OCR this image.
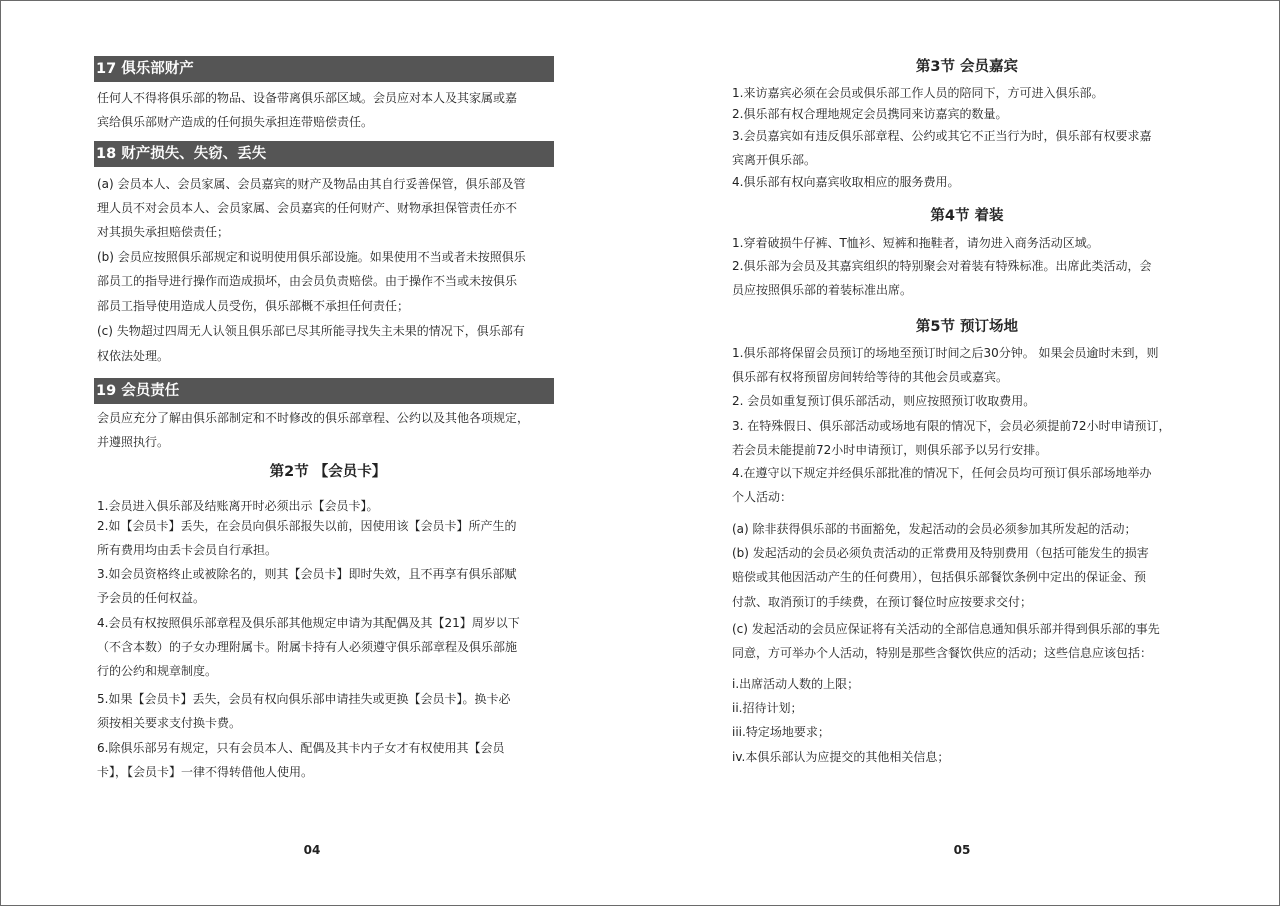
17 俱乐部财产
任何人不得将俱乐部的物品、设备带离俱乐部区域。会员应对本人及其家属或嘉
宾给俱乐部财产造成的任何损失承担连带赔偿责任。
18 财产损失、失窃、丢失
(a) 会员本人、会员家属、会员嘉宾的财产及物品由其自行妥善保管，俱乐部及管
理人员不对会员本人、会员家属、会员嘉宾的任何财产、财物承担保管责任亦不
对其损失承担赔偿责任；
(b) 会员应按照俱乐部规定和说明使用俱乐部设施。如果使用不当或者未按照俱乐
部员工的指导进行操作而造成损坏，由会员负责赔偿。由于操作不当或未按俱乐
部员工指导使用造成人员受伤，俱乐部概不承担任何责任；
(c) 失物超过四周无人认领且俱乐部已尽其所能寻找失主未果的情况下，俱乐部有
权依法处理。
19 会员责任
会员应充分了解由俱乐部制定和不时修改的俱乐部章程、公约以及其他各项规定，
并遵照执行。
第2节 【会员卡】
1.会员进入俱乐部及结账离开时必须出示【会员卡】。
2.如【会员卡】丢失，在会员向俱乐部报失以前，因使用该【会员卡】所产生的
所有费用均由丢卡会员自行承担。
3.如会员资格终止或被除名的，则其【会员卡】即时失效，且不再享有俱乐部赋
予会员的任何权益。
4.会员有权按照俱乐部章程及俱乐部其他规定申请为其配偶及其【21】周岁以下
（不含本数）的子女办理附属卡。附属卡持有人必须遵守俱乐部章程及俱乐部施
行的公约和规章制度。
5.如果【会员卡】丢失，会员有权向俱乐部申请挂失或更换【会员卡】。换卡必
须按相关要求支付换卡费。
6.除俱乐部另有规定，只有会员本人、配偶及其卡内子女才有权使用其【会员
卡】，【会员卡】一律不得转借他人使用。
04
第3节 会员嘉宾
1.来访嘉宾必须在会员或俱乐部工作人员的陪同下，方可进入俱乐部。
2.俱乐部有权合理地规定会员携同来访嘉宾的数量。
3.会员嘉宾如有违反俱乐部章程、公约或其它不正当行为时，俱乐部有权要求嘉
宾离开俱乐部。
4.俱乐部有权向嘉宾收取相应的服务费用。
第4节 着装
1.穿着破损牛仔裤、T恤衫、短裤和拖鞋者，请勿进入商务活动区域。
2.俱乐部为会员及其嘉宾组织的特别聚会对着装有特殊标准。出席此类活动，会
员应按照俱乐部的着装标准出席。
第5节 预订场地
1.俱乐部将保留会员预订的场地至预订时间之后30分钟。 如果会员逾时未到，则
俱乐部有权将预留房间转给等待的其他会员或嘉宾。
2. 会员如重复预订俱乐部活动，则应按照预订收取费用。
3. 在特殊假日、俱乐部活动或场地有限的情况下，会员必须提前72小时申请预订，
若会员未能提前72小时申请预订，则俱乐部予以另行安排。
4.在遵守以下规定并经俱乐部批准的情况下，任何会员均可预订俱乐部场地举办
个人活动：
(a) 除非获得俱乐部的书面豁免，发起活动的会员必须参加其所发起的活动；
(b) 发起活动的会员必须负责活动的正常费用及特别费用（包括可能发生的损害
赔偿或其他因活动产生的任何费用），包括俱乐部餐饮条例中定出的保证金、预
付款、取消预订的手续费，在预订餐位时应按要求交付；
(c) 发起活动的会员应保证将有关活动的全部信息通知俱乐部并得到俱乐部的事先
同意，方可举办个人活动，特别是那些含餐饮供应的活动；这些信息应该包括：
i.出席活动人数的上限；
ii.招待计划；
iii.特定场地要求；
iv.本俱乐部认为应提交的其他相关信息；
05
